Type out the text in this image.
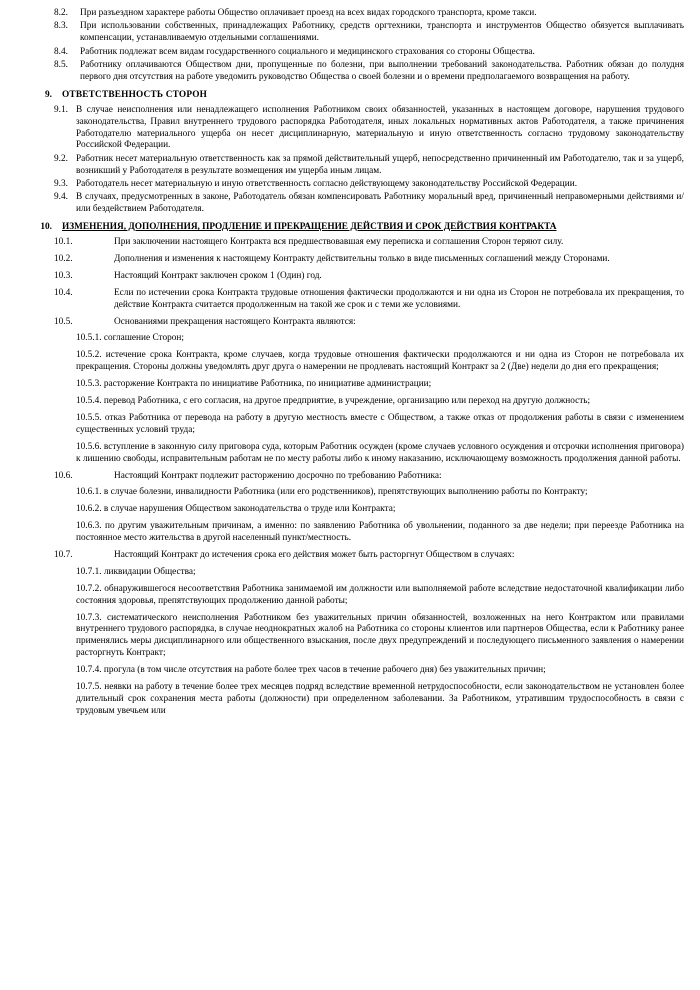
8.2.	При разъездном характере работы Общество оплачивает проезд на всех видах городского транспорта, кроме такси.
8.3.	При использовании собственных, принадлежащих Работнику, средств оргтехники, транспорта и инструментов Общество обязуется выплачивать компенсации, устанавливаемую отдельными соглашениями.
8.4.	Работник подлежат всем видам государственного социального и медицинского страхования со стороны Общества.
8.5.	Работнику оплачиваются Обществом дни, пропущенные по болезни, при выполнении требований законодательства. Работник обязан до полудня первого дня отсутствия на работе уведомить руководство Общества о своей болезни и о времени предполагаемого возвращения на работу.
9.	ОТВЕТСТВЕННОСТЬ СТОРОН
9.1. В случае неисполнения или ненадлежащего исполнения Работником своих обязанностей, указанных в настоящем договоре, нарушения трудового законодательства, Правил внутреннего трудового распорядка Работодателя, иных локальных нормативных актов Работодателя, а также причинения Работодателю материального ущерба он несет дисциплинарную, материальную и иную ответственность согласно трудовому законодательству Российской Федерации.
9.2. Работник несет материальную ответственность как за прямой действительный ущерб, непосредственно причиненный им Работодателю, так и за ущерб, возникший у Работодателя в результате возмещения им ущерба иным лицам.
9.3. Работодатель несет материальную и иную ответственность согласно действующему законодательству Российской Федерации.
9.4. В случаях, предусмотренных в законе, Работодатель обязан компенсировать Работнику моральный вред, причиненный неправомерными действиями и/или бездействием Работодателя.
10.	ИЗМЕНЕНИЯ, ДОПОЛНЕНИЯ, ПРОДЛЕНИЕ И ПРЕКРАЩЕНИЕ ДЕЙСТВИЯ И СРОК ДЕЙСТВИЯ КОНТРАКТА
10.1.	При заключении настоящего Контракта вся предшествовавшая ему переписка и соглашения Сторон теряют силу.
10.2.	Дополнения и изменения к настоящему Контракту действительны только в виде письменных соглашений между Сторонами.
10.3.	Настоящий Контракт заключен сроком 1 (Один) год.
10.4.	Если по истечении срока Контракта трудовые отношения фактически продолжаются и ни одна из Сторон не потребовала их прекращения, то действие Контракта считается продолженным на такой же срок и с теми же условиями.
10.5.	Основаниями прекращения настоящего Контракта являются:
10.5.1. соглашение Сторон;
10.5.2. истечение срока Контракта, кроме случаев, когда трудовые отношения фактически продолжаются и ни одна из Сторон не потребовала их прекращения. Стороны должны уведомлять друг друга о намерении не продлевать настоящий Контракт за 2 (Две) недели до дня его прекращения;
10.5.3. расторжение Контракта по инициативе Работника, по инициативе администрации;
10.5.4. перевод Работника, с его согласия, на другое предприятие, в учреждение, организацию или переход на другую должность;
10.5.5. отказ Работника от перевода на работу в другую местность вместе с Обществом, а также отказ от продолжения работы в связи с изменением существенных условий труда;
10.5.6. вступление в законную силу приговора суда, которым Работник осужден (кроме случаев условного осуждения и отсрочки исполнения приговора) к лишению свободы, исправительным работам не по месту работы либо к иному наказанию, исключающему возможность продолжения данной работы.
10.6.	Настоящий Контракт подлежит расторжению досрочно по требованию Работника:
10.6.1. в случае болезни, инвалидности Работника (или его родственников), препятствующих выполнению работы по Контракту;
10.6.2. в случае нарушения Обществом законодательства о труде или Контракта;
10.6.3. по другим уважительным причинам, а именно: по заявлению Работника об увольнении, поданного за две недели; при переезде Работника на постоянное место жительства в другой населенный пункт/местность.
10.7.	Настоящий Контракт до истечения срока его действия может быть расторгнут Обществом в случаях:
10.7.1. ликвидации Общества;
10.7.2. обнаружившегося несоответствия Работника занимаемой им должности или выполняемой работе вследствие недостаточной квалификации либо состояния здоровья, препятствующих продолжению данной работы;
10.7.3. систематического неисполнения Работником без уважительных причин обязанностей, возложенных на него Контрактом или правилами внутреннего трудового распорядка, в случае неоднократных жалоб на Работника со стороны клиентов или партнеров Общества, если к Работнику ранее применялись меры дисциплинарного или общественного взыскания, после двух предупреждений и последующего письменного заявления о намерении расторгнуть Контракт;
10.7.4. прогула (в том числе отсутствия на работе более трех часов в течение рабочего дня) без уважительных причин;
10.7.5. неявки на работу в течение более трех месяцев подряд вследствие временной нетрудоспособности, если законодательством не установлен более длительный срок сохранения места работы (должности) при определенном заболевании. За Работником, утратившим трудоспособность в связи с трудовым увечьем или
